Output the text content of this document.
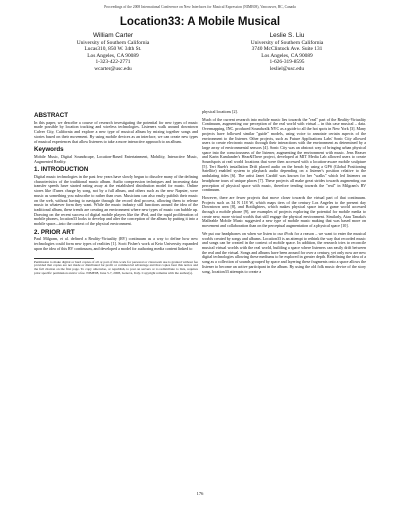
Proceedings of the 2008 International Conference on New Interfaces for Musical Expression (NIME08), Vancouver, BC, Canada
Location33: A Mobile Musical
William Carter
University of Southern California
Lucas310, 850 W. 34th St.
Los Angeles, CA 90089
1-323-422-2771
wcarter@usc.edu
Leslie S. Liu
University of Southern California
3740 McClintock Ave. Suite 131
Los Angeles, CA 90089
1-626-319-8595
lesliel@usc.edu
ABSTRACT

In this paper, we describe a course of research investigating the potential for new types of music made possible by location tracking and wireless technologies. Listeners walk around downtown Culver City, California and explore a new type of musical album by mixing together songs and stories based on their movement. By using mobile devices as an interface, we can create new types of musical experiences that allow listeners to take a more interactive approach to an album.

Keywords

Mobile Music, Digital Soundscape, Location-Based Entertainment, Mobility, Interactive Music, Augmented Reality.

1. INTRODUCTION

Digital music technologies in the past few years have slowly begun to dissolve many of the defining characteristics of the traditional music album. Audio compression techniques and increasing data transfer speeds have started eating away at the established distribution model for music. Online stores like iTunes charge by song, not by a full album, and others such as the new Napster, were music as something you subscribe to rather than own. Musicians can also easily publish their music on the web, without having to navigate through the record deal process, allowing them to release music in whatever form they want. While the music industry still functions around the idea of the traditional album, these trends are creating an environment where new types of music can bubble up. Drawing on the recent success of digital mobile players like the iPod, and the rapid proliferation of mobile phones, location33 looks to develop and alter the conception of the album by putting it into a mobile space—into the context of the physical environment.

2. PRIOR ART

Paul Milgram, et al. defined a Reality-Virtuality (RV) continuum as a way to define how new technologies could form new types of realities [1]. Scott Fisher's work at Keio University expanded upon the idea of this RV continuum, and developed a model for authoring media content linked to

Permission to make digital or hard copies of all or part of this work for personal or classroom use is granted without fee provided that copies are not made or distributed for profit or commercial advantage and that copies bear this notice and the full citation on the first page. To copy otherwise, or republish, to post on servers or to redistribute to lists, requires prior specific permission and/or a fee. NIME08, June 5-7, 2008, Genova, Italy. Copyright remains with the author(s).

physical locations [2].

Much of the current research into mobile music lies towards the "real" part of the Reality-Virtuality Continuum, augmenting our perception of the real world with virtual – in this case musical – data. Overmapping, INC. produced Soundwalk NYC as a guide to all the hot spots in New York [3]. Many projects have followed similar "guide" models, using voice to annotate certain aspects of the environment to the listener. Other projects, such as Future Applications Labs' Sonic City allowed users to create electronic music through their interactions with the environment as determined by a large array of environmental sensors [4]. Sonic City was an abstract way of bringing urban physical space into the consciousness of the listener, augmenting the environment with music. Jens Reaser and Karin Kamlander's Hear&There project, developed at MIT Media Lab allowed users to create Soundspots at real world locations that were then accessed with a location-aware mobile sculpture [5]. Teri Rueb's installation Drift placed audio on the beach by using a GPS (Global Positioning Satellite) enabled system to playback audio depending on a listener's position relative to the undulating tides [6]. The artist Janet Cardiff was known for her "walks" which led listeners on headphone tours of unique places [7]. These projects all make great strides towards augmenting our perception of physical space with music, therefore tending towards the "real" in Milgram's RV continuum.

However, there are fewer projects that move closer towards the virtual part of that continuum. Projects such as 34 N 118 W, which maps tiers of the century Los Angeles to the present day Downtown area [8], and Bottlighters, which makes physical space into a game world accessed through a mobile phone [9], are examples of projects exploring the potential for mobile media to create new, more virtual worlds that still engage the physical environment. Similarly, Atau Tanaka's Malleable Mobile Music suggested a new type of mobile music making that was based more on movement and collaboration than on the perceptual augmentation of a physical space [10].

We put our headphones on when we listen to our iPods for a reason – we want to enter the musical worlds created by songs and albums. Location33 is an attempt to rethink the way that recorded music and songs can be created in the context of mobile space. In addition, the research tries to reconcile musical virtual worlds with the real world, building a space where listeners can easily drift between the real and the virtual. Songs and albums have been around for over a century, yet only now are new digital technologies allowing these mediums to be explored in greater depth. Redefining the idea of a song as a collection of sounds grouped by space and layering these fragments onto a space allows the listener to become an active participant in the album. By using the old folk music device of the story song, location33 attempts to create a

176
